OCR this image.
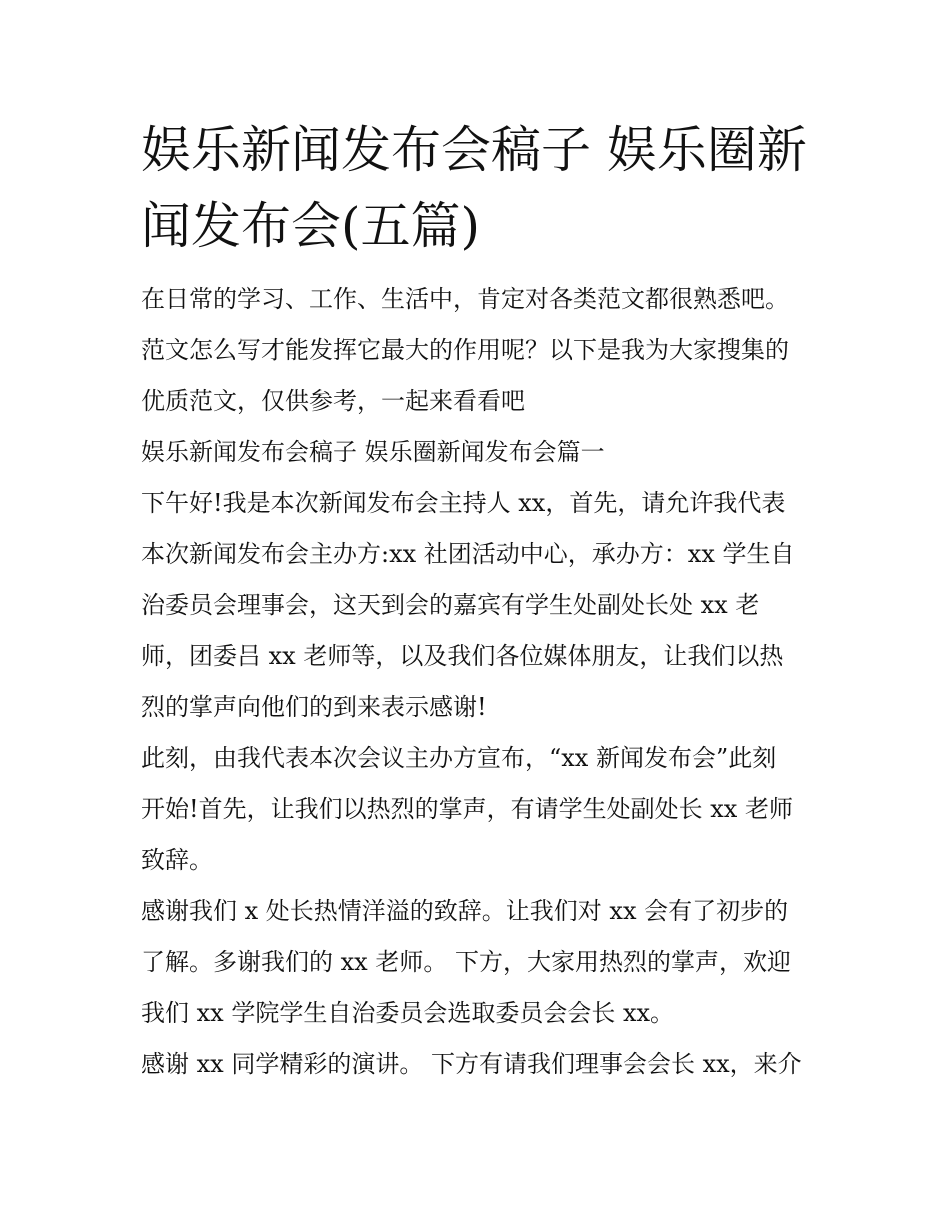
娱乐新闻发布会稿子 娱乐圈新
闻发布会(五篇)

在日常的学习、工作、生活中，肯定对各类范文都很熟悉吧。
范文怎么写才能发挥它最大的作用呢？以下是我为大家搜集的
优质范文，仅供参考，一起来看看吧

娱乐新闻发布会稿子 娱乐圈新闻发布会篇一

下午好!我是本次新闻发布会主持人 xx，首先，请允许我代表
本次新闻发布会主办方:xx 社团活动中心，承办方：xx 学生自
治委员会理事会，这天到会的嘉宾有学生处副处长处 xx 老
师，团委吕 xx 老师等，以及我们各位媒体朋友，让我们以热
烈的掌声向他们的到来表示感谢!

此刻，由我代表本次会议主办方宣布，“xx 新闻发布会”此刻
开始!首先，让我们以热烈的掌声，有请学生处副处长 xx 老师
致辞。

感谢我们 x 处长热情洋溢的致辞。让我们对 xx 会有了初步的
了解。多谢我们的 xx 老师。 下方，大家用热烈的掌声，欢迎
我们 xx 学院学生自治委员会选取委员会会长 xx。

感谢 xx 同学精彩的演讲。 下方有请我们理事会会长 xx，来介
